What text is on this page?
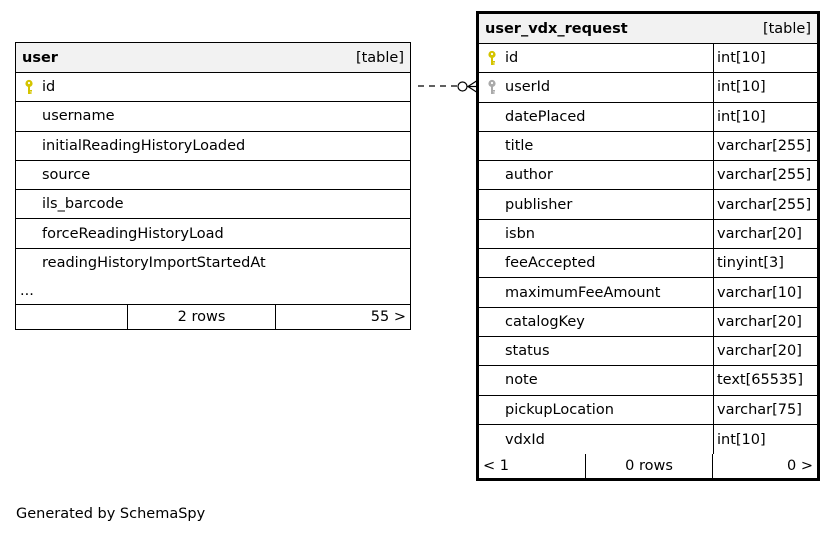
user	[table]
id
username
initialReadingHistoryLoaded
source
ils_barcode
forceReadingHistoryLoad
readingHistoryImportStartedAt
...
2 rows	55 >
user_vdx_request	[table]
id	int[10]
userId	int[10]
datePlaced	int[10]
title	varchar[255]
author	varchar[255]
publisher	varchar[255]
isbn	varchar[20]
feeAccepted	tinyint[3]
maximumFeeAmount	varchar[10]
catalogKey	varchar[20]
status	varchar[20]
note	text[65535]
pickupLocation	varchar[75]
vdxId	int[10]
< 1	0 rows	0 >
Generated by SchemaSpy
